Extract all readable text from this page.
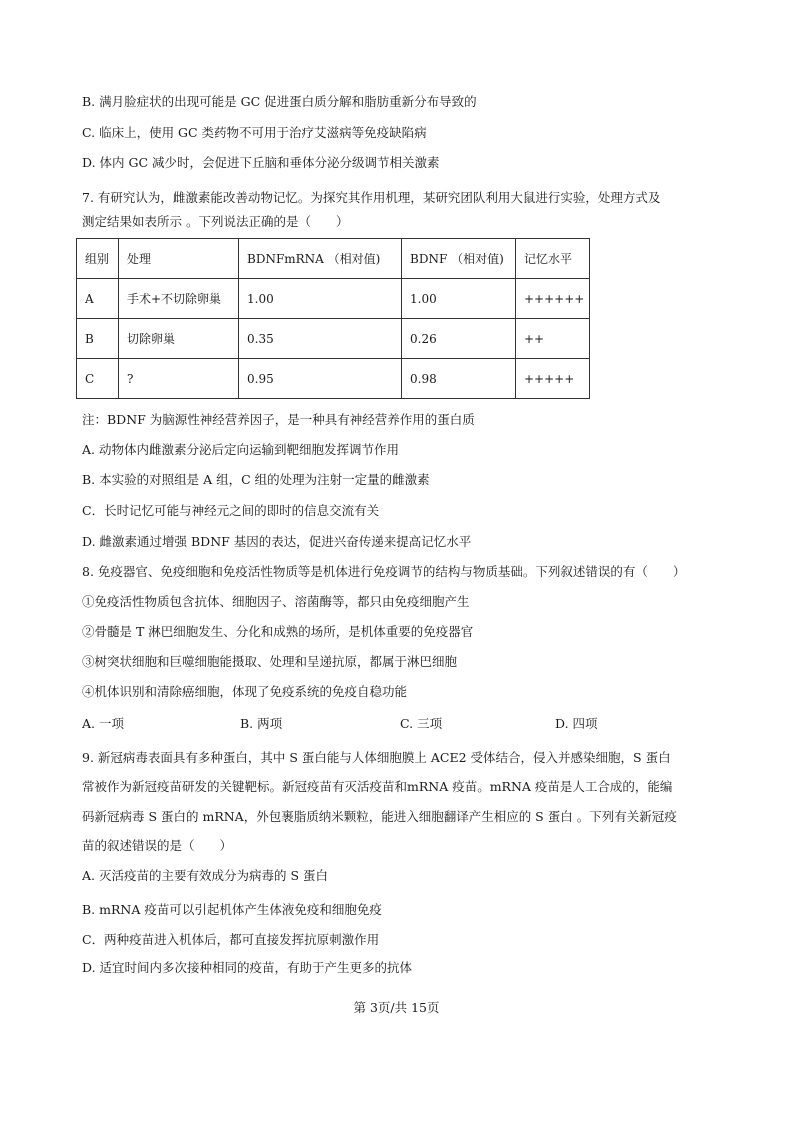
B. 满月脸症状的出现可能是 GC 促进蛋白质分解和脂肪重新分布导致的
C. 临床上，使用 GC 类药物不可用于治疗艾滋病等免疫缺陷病
D. 体内 GC 减少时，会促进下丘脑和垂体分泌分级调节相关激素
7. 有研究认为，雌激素能改善动物记忆。为探究其作用机理，某研究团队利用大鼠进行实验，处理方式及
测定结果如表所示 。下列说法正确的是（　　）
组别	处理	BDNFmRNA （相对值)	BDNF （相对值)	记忆水平
A	手术+不切除卵巢	1.00	1.00	++++++
B	切除卵巢	0.35	0.26	++
C	?	0.95	0.98	+++++
注：BDNF 为脑源性神经营养因子，是一种具有神经营养作用的蛋白质
A. 动物体内雌激素分泌后定向运输到靶细胞发挥调节作用
B. 本实验的对照组是 A 组，C 组的处理为注射一定量的雌激素
C．长时记忆可能与神经元之间的即时的信息交流有关
D. 雌激素通过增强 BDNF 基因的表达，促进兴奋传递来提高记忆水平
8. 免疫器官、免疫细胞和免疫活性物质等是机体进行免疫调节的结构与物质基础。下列叙述错误的有（　　）
①免疫活性物质包含抗体、细胞因子、溶菌酶等，都只由免疫细胞产生
②骨髓是 T 淋巴细胞发生、分化和成熟的场所，是机体重要的免疫器官
③树突状细胞和巨噬细胞能摄取、处理和呈递抗原，都属于淋巴细胞
④机体识别和清除癌细胞，体现了免疫系统的免疫自稳功能
A. 一项	B. 两项	C. 三项	D. 四项
9. 新冠病毒表面具有多种蛋白，其中 S 蛋白能与人体细胞膜上 ACE2 受体结合，侵入并感染细胞，S 蛋白
常被作为新冠疫苗研发的关键靶标。新冠疫苗有灭活疫苗和mRNA 疫苗。mRNA 疫苗是人工合成的，能编
码新冠病毒 S 蛋白的 mRNA，外包裹脂质纳米颗粒，能进入细胞翻译产生相应的 S 蛋白 。下列有关新冠疫
苗的叙述错误的是（　　）
A. 灭活疫苗的主要有效成分为病毒的 S 蛋白
B. mRNA 疫苗可以引起机体产生体液免疫和细胞免疫
C．两种疫苗进入机体后，都可直接发挥抗原刺激作用
D. 适宜时间内多次接种相同的疫苗，有助于产生更多的抗体
第 3页/共 15页
